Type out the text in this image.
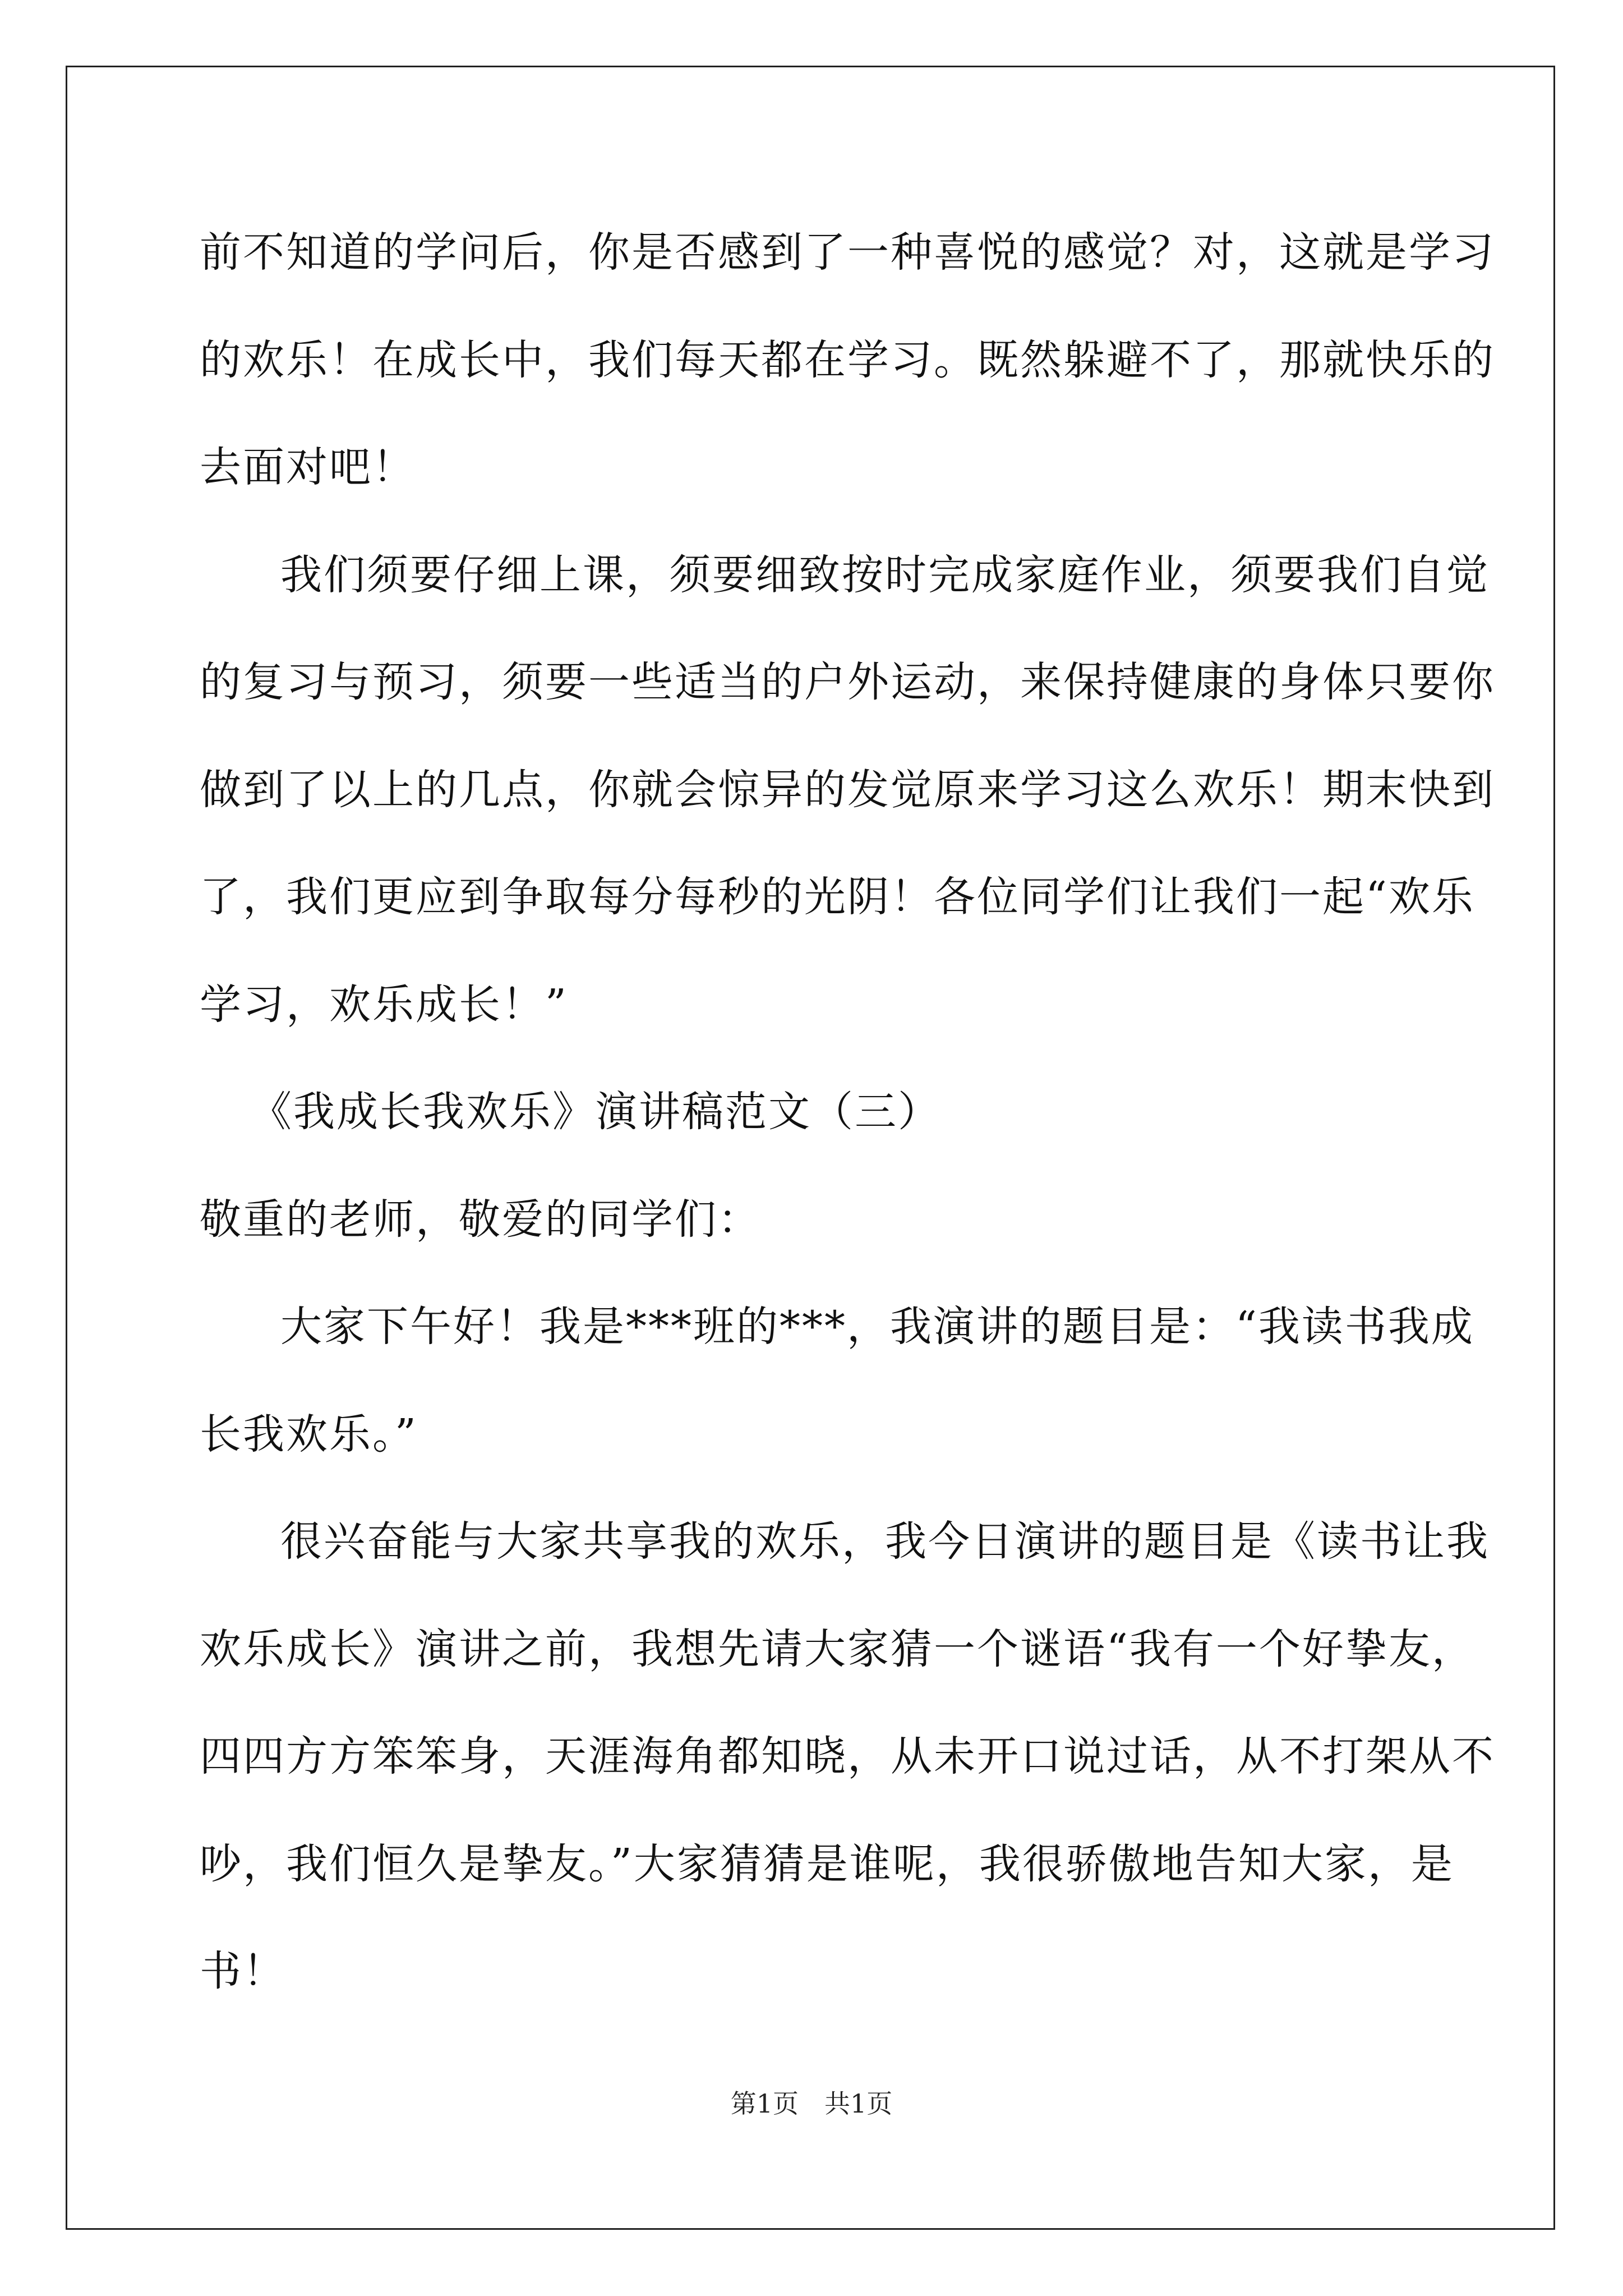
前不知道的学问后，你是否感到了一种喜悦的感觉？对，这就是学习
的欢乐！在成长中，我们每天都在学习。既然躲避不了，那就快乐的
去面对吧！
我们须要仔细上课，须要细致按时完成家庭作业，须要我们自觉
的复习与预习，须要一些适当的户外运动，来保持健康的身体只要你
做到了以上的几点，你就会惊异的发觉原来学习这么欢乐！期末快到
了，我们更应到争取每分每秒的光阴！各位同学们让我们一起“欢乐
学习，欢乐成长！”
《我成长我欢乐》演讲稿范文（三）
敬重的老师，敬爱的同学们：
大家下午好！我是***班的***，我演讲的题目是：“我读书我成
长我欢乐。”
很兴奋能与大家共享我的欢乐，我今日演讲的题目是《读书让我
欢乐成长》演讲之前，我想先请大家猜一个谜语“我有一个好挚友，
四四方方笨笨身，天涯海角都知晓，从未开口说过话，从不打架从不
吵，我们恒久是挚友。”大家猜猜是谁呢，我很骄傲地告知大家，是
书！
第1页　共1页
